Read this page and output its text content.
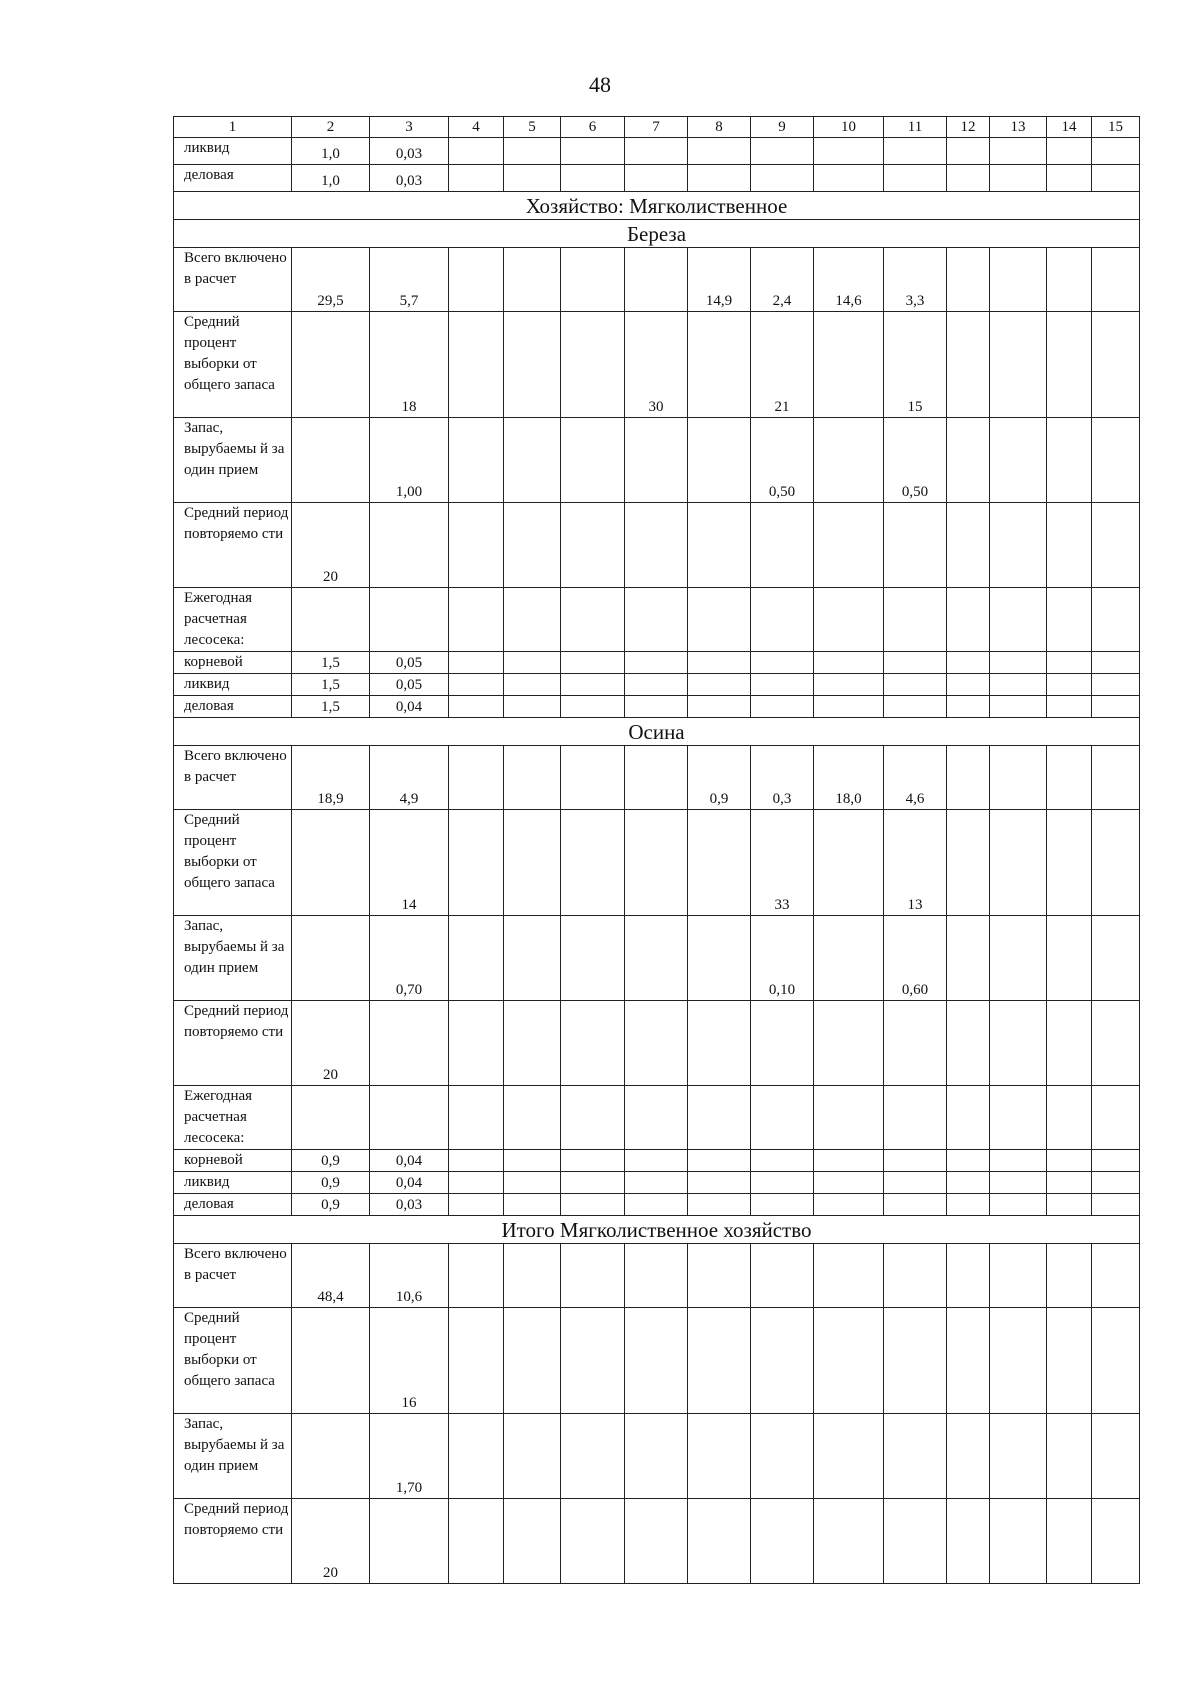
48
1	2	3	4	5	6	7	8	9	10	11	12	13	14	15
ликвид	1,0	0,03												
деловая	1,0	0,03												
Хозяйство: Мягколиственное														
Береза														
Всего включено в расчет	29,5	5,7					14,9	2,4	14,6	3,3				
Средний процент выборки от общего запаса		18				30		21		15				
Запас, вырубаемы й за один прием		1,00						0,50		0,50				
Средний период повторяемо сти	20													
Ежегодная расчетная лесосека:														
корневой	1,5	0,05												
ликвид	1,5	0,05												
деловая	1,5	0,04												
Осина														
Всего включено в расчет	18,9	4,9					0,9	0,3	18,0	4,6				
Средний процент выборки от общего запаса		14						33		13				
Запас, вырубаемы й за один прием		0,70						0,10		0,60				
Средний период повторяемо сти	20													
Ежегодная расчетная лесосека:														
корневой	0,9	0,04												
ликвид	0,9	0,04												
деловая	0,9	0,03												
Итого Мягколиственное хозяйство														
Всего включено в расчет	48,4	10,6												
Средний процент выборки от общего запаса		16												
Запас, вырубаемы й за один прием		1,70												
Средний период повторяемо сти	20													
